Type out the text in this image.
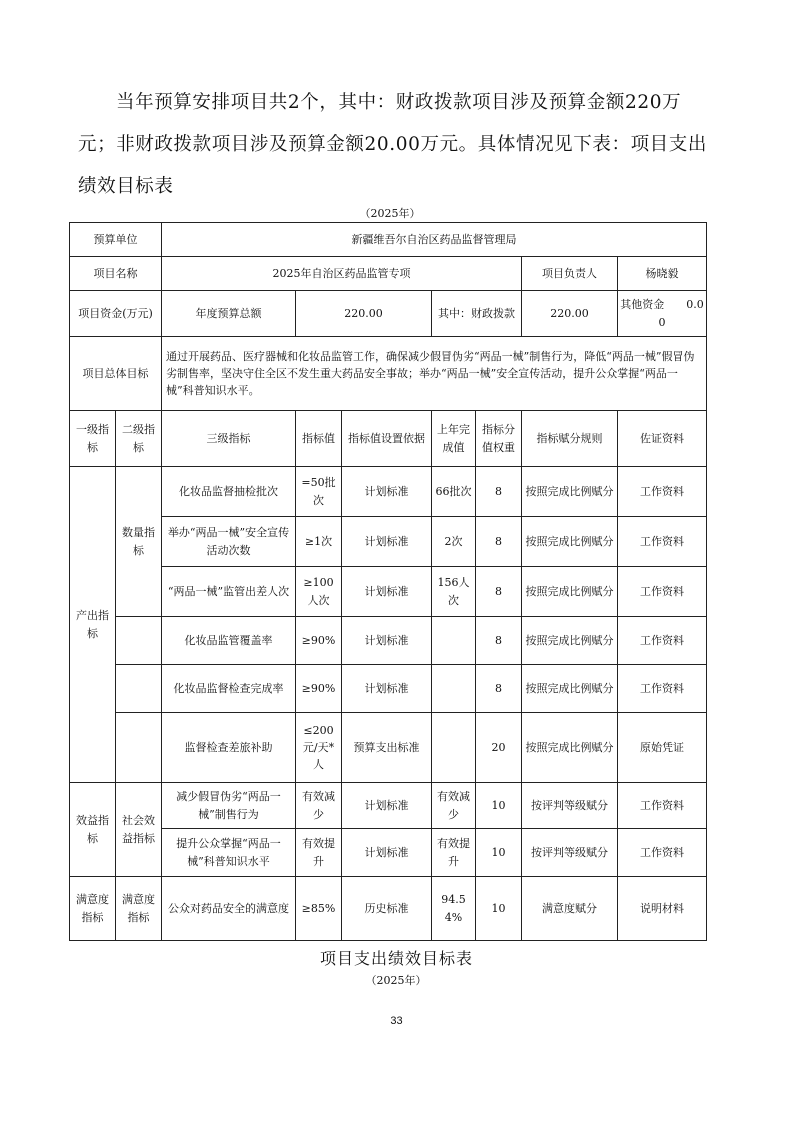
当年预算安排项目共2个，其中：财政拨款项目涉及预算金额220万元；非财政拨款项目涉及预算金额20.00万元。具体情况见下表：项目支出绩效目标表
（2025年）
预算单位		新疆维吾尔自治区药品监督管理局						
项目名称		2025年自治区药品监管专项					项目负责人	杨晓毅
项目资金(万元)		年度预算总额	220.00		其中：财政拨款		220.00	其他资金 0.00
项目总体目标		通过开展药品、医疗器械和化妆品监管工作，确保减少假冒伪劣“两品一械”制售行为，降低“两品一械”假冒伪劣制售率，坚决守住全区不发生重大药品安全事故；举办“两品一械”安全宣传活动，提升公众掌握“两品一械”科普知识水平。						
一级指标	二级指标	三级指标	指标值	指标值设置依据	上年完成值	指标分值权重	指标赋分规则	佐证资料
产出指标	数量指标	化妆品监督抽检批次	=50批次	计划标准	66批次	8	按照完成比例赋分	工作资料
		举办“两品一械”安全宣传活动次数	≥1次	计划标准	2次	8	按照完成比例赋分	工作资料
		“两品一械”监管出差人次	≥100人次	计划标准	156人次	8	按照完成比例赋分	工作资料
		化妆品监管覆盖率	≥90%	计划标准		8	按照完成比例赋分	工作资料
		化妆品监督检查完成率	≥90%	计划标准		8	按照完成比例赋分	工作资料
		监督检查差旅补助	≤200元/天*人	预算支出标准		20	按照完成比例赋分	原始凭证
效益指标	社会效益指标	减少假冒伪劣“两品一械”制售行为	有效减少	计划标准	有效减少	10	按评判等级赋分	工作资料
		提升公众掌握“两品一械”科普知识水平	有效提升	计划标准	有效提升	10	按评判等级赋分	工作资料
满意度指标	满意度指标	公众对药品安全的满意度	≥85%	历史标准	94.54%	10	满意度赋分	说明材料
项目支出绩效目标表
（2025年）
33
